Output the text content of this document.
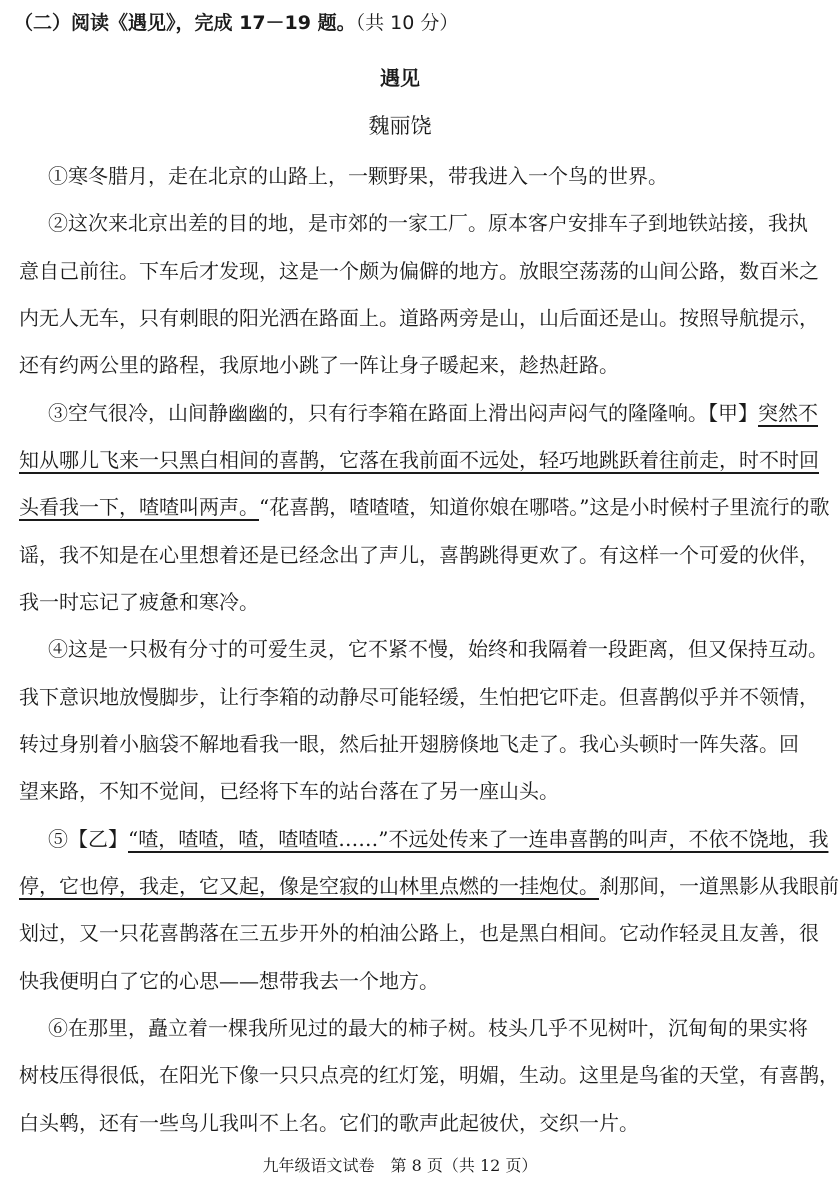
（二）阅读《遇见》，完成 17－19 题。（共 10 分）
遇见
魏丽饶
①寒冬腊月，走在北京的山路上，一颗野果，带我进入一个鸟的世界。
②这次来北京出差的目的地，是市郊的一家工厂。原本客户安排车子到地铁站接，我执
意自己前往。下车后才发现，这是一个颇为偏僻的地方。放眼空荡荡的山间公路，数百米之
内无人无车，只有刺眼的阳光洒在路面上。道路两旁是山，山后面还是山。按照导航提示，
还有约两公里的路程，我原地小跳了一阵让身子暖起来，趁热赶路。
③空气很冷，山间静幽幽的，只有行李箱在路面上滑出闷声闷气的隆隆响。【甲】突然不
知从哪儿飞来一只黑白相间的喜鹊，它落在我前面不远处，轻巧地跳跃着往前走，时不时回
头看我一下，喳喳叫两声。“花喜鹊，喳喳喳，知道你娘在哪嗒。”这是小时候村子里流行的歌
谣，我不知是在心里想着还是已经念出了声儿，喜鹊跳得更欢了。有这样一个可爱的伙伴，
我一时忘记了疲惫和寒冷。
④这是一只极有分寸的可爱生灵，它不紧不慢，始终和我隔着一段距离，但又保持互动。
我下意识地放慢脚步，让行李箱的动静尽可能轻缓，生怕把它吓走。但喜鹊似乎并不领情，
转过身别着小脑袋不解地看我一眼，然后扯开翅膀倏地飞走了。我心头顿时一阵失落。回
望来路，不知不觉间，已经将下车的站台落在了另一座山头。
⑤【乙】“喳，喳喳，喳，喳喳喳……”不远处传来了一连串喜鹊的叫声，不依不饶地，我
停，它也停，我走，它又起，像是空寂的山林里点燃的一挂炮仗。刹那间，一道黑影从我眼前
划过，又一只花喜鹊落在三五步开外的柏油公路上，也是黑白相间。它动作轻灵且友善，很
快我便明白了它的心思——想带我去一个地方。
⑥在那里，矗立着一棵我所见过的最大的柿子树。枝头几乎不见树叶，沉甸甸的果实将
树枝压得很低，在阳光下像一只只点亮的红灯笼，明媚，生动。这里是鸟雀的天堂，有喜鹊，
白头鹎，还有一些鸟儿我叫不上名。它们的歌声此起彼伏，交织一片。
九年级语文试卷　第 8 页（共 12 页）
